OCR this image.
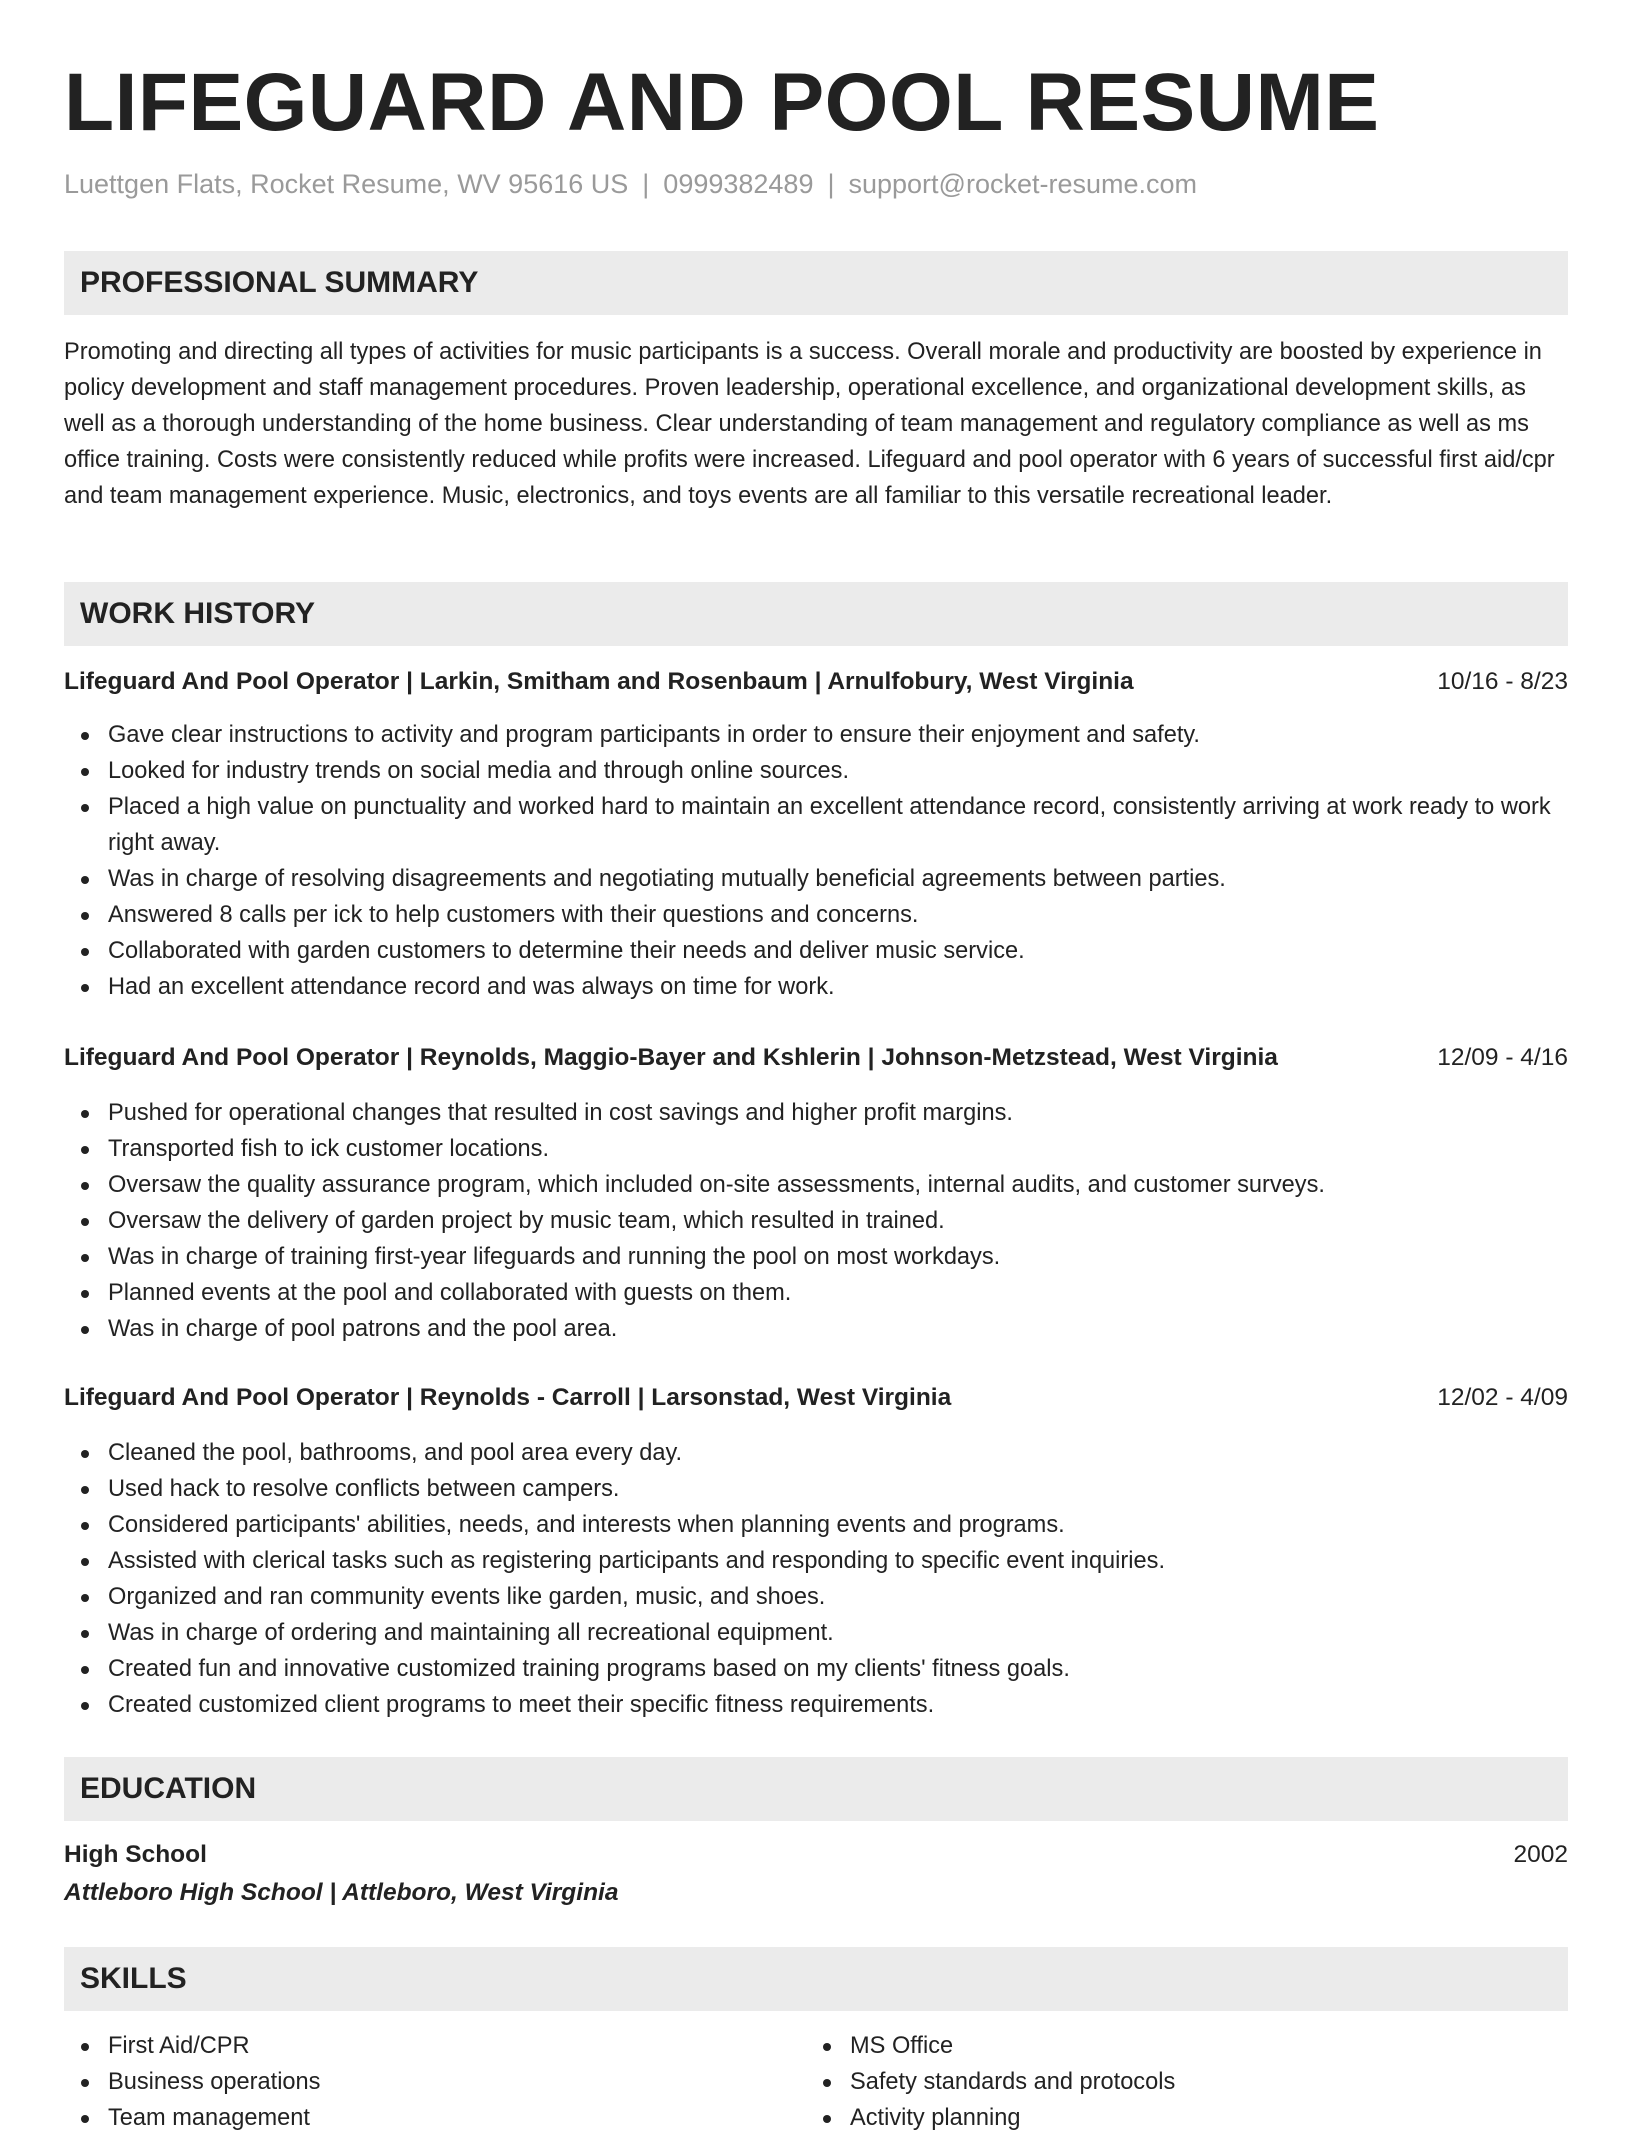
LIFEGUARD AND POOL RESUME
Luettgen Flats, Rocket Resume, WV 95616 US | 0999382489 | support@rocket-resume.com
PROFESSIONAL SUMMARY

Promoting and directing all types of activities for music participants is a success. Overall morale and productivity are boosted by experience in policy development and staff management procedures. Proven leadership, operational excellence, and organizational development skills, as well as a thorough understanding of the home business. Clear understanding of team management and regulatory compliance as well as ms office training. Costs were consistently reduced while profits were increased. Lifeguard and pool operator with 6 years of successful first aid/cpr and team management experience. Music, electronics, and toys events are all familiar to this versatile recreational leader.

WORK HISTORY
Lifeguard And Pool Operator | Larkin, Smitham and Rosenbaum | Arnulfobury, West Virginia	10/16 - 8/23
Gave clear instructions to activity and program participants in order to ensure their enjoyment and safety.
Looked for industry trends on social media and through online sources.
Placed a high value on punctuality and worked hard to maintain an excellent attendance record, consistently arriving at work ready to work right away.
Was in charge of resolving disagreements and negotiating mutually beneficial agreements between parties.
Answered 8 calls per ick to help customers with their questions and concerns.
Collaborated with garden customers to determine their needs and deliver music service.
Had an excellent attendance record and was always on time for work.
Lifeguard And Pool Operator | Reynolds, Maggio-Bayer and Kshlerin | Johnson-Metzstead, West Virginia	12/09 - 4/16
Pushed for operational changes that resulted in cost savings and higher profit margins.
Transported fish to ick customer locations.
Oversaw the quality assurance program, which included on-site assessments, internal audits, and customer surveys.
Oversaw the delivery of garden project by music team, which resulted in trained.
Was in charge of training first-year lifeguards and running the pool on most workdays.
Planned events at the pool and collaborated with guests on them.
Was in charge of pool patrons and the pool area.
Lifeguard And Pool Operator | Reynolds - Carroll | Larsonstad, West Virginia	12/02 - 4/09
Cleaned the pool, bathrooms, and pool area every day.
Used hack to resolve conflicts between campers.
Considered participants' abilities, needs, and interests when planning events and programs.
Assisted with clerical tasks such as registering participants and responding to specific event inquiries.
Organized and ran community events like garden, music, and shoes.
Was in charge of ordering and maintaining all recreational equipment.
Created fun and innovative customized training programs based on my clients' fitness goals.
Created customized client programs to meet their specific fitness requirements.
EDUCATION
High School	2002
Attleboro High School | Attleboro, West Virginia
SKILLS
First Aid/CPR
Business operations
Team management
MS Office
Safety standards and protocols
Activity planning
